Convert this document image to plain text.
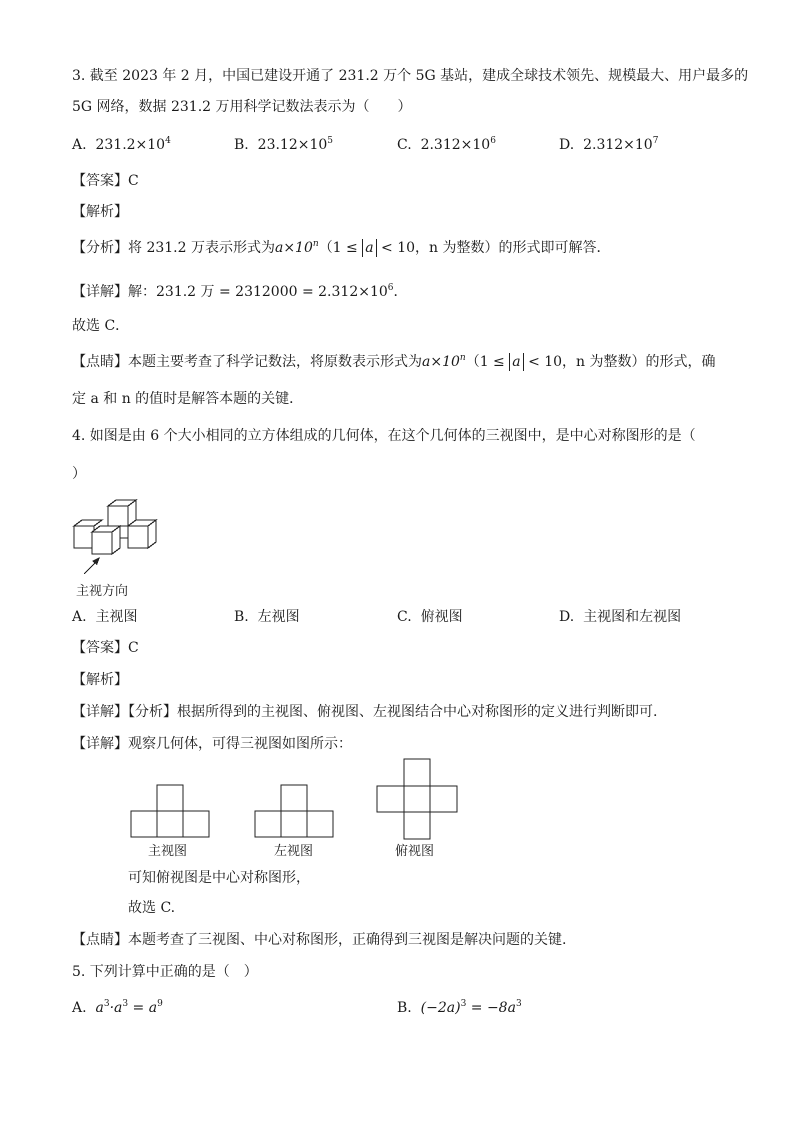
3. 截至 2023 年 2 月，中国已建设开通了 231.2 万个 5G 基站，建成全球技术领先、规模最大、用户最多的
5G 网络，数据 231.2 万用科学记数法表示为（　　）
A. $231.2\times 10^4$	B. $23.12\times 10^5$	C. $2.312\times 10^6$	D. $2.312\times 10^7$
【答案】C
【解析】
【分析】将 231.2 万表示形式为$a\times 10^n(1 \le a < 10$，n 为整数）的形式即可解答．
【详解】解：231.2 万 = $2312000 = 2.312\times 10^6$．
故选 C．
【点睛】本题主要考查了科学记数法，将原数表示形式为$a\times 10^n(1 \le a < 10$，n 为整数）的形式，确
定 a 和 n 的值时是解答本题的关键．
4. 如图是由 6 个大小相同的立方体组成的几何体，在这个几何体的三视图中，是中心对称图形的是（
）
主视方向
A. 主视图	B. 左视图	C. 俯视图	D. 主视图和左视图
【答案】C
【解析】
【详解】【分析】根据所得到的主视图、俯视图、左视图结合中心对称图形的定义进行判断即可.
【详解】观察几何体，可得三视图如图所示：
主视图	左视图	俯视图
可知俯视图是中心对称图形，
故选 C.
【点睛】本题考查了三视图、中心对称图形，正确得到三视图是解决问题的关键.
5. 下列计算中正确的是（　）
A. $a^3\cdot a^3 = a^9$	B. $(-2a)^3 = -8a^3$
